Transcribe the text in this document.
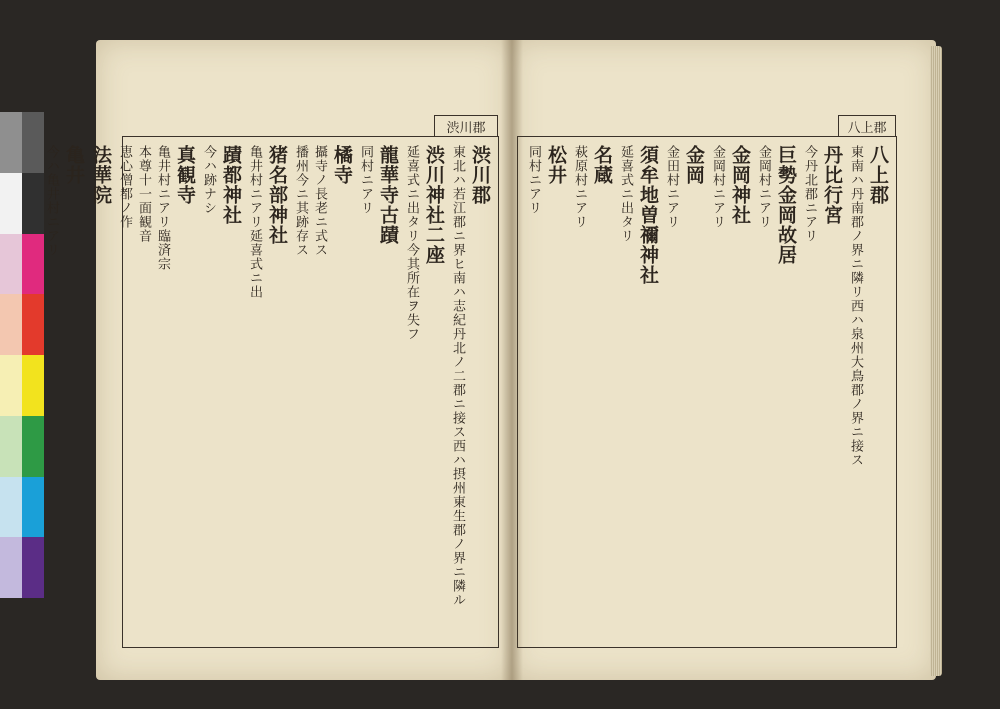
渋川郡
渋川郡
東北ハ若江郡ニ界ヒ南ハ志紀丹北ノ二郡ニ接ス西ハ摂州東生郡ノ界ニ隣ル
渋川神社二座
延喜式ニ出タリ今其所在ヲ失フ
龍華寺古蹟
同村ニアリ
橘寺
攝寺ノ長老ニ式ス
播州今ニ其跡存ス
猪名部神社
亀井村ニアリ延喜式ニ出
蹟都神社
今ハ跡ナシ
真観寺
亀井村ニアリ臨済宗
本尊十一面観音
恵心僧都ノ作
法華院
亀井
今ハ亀井村ニアリ
八上郡
八上郡
東南ハ丹南郡ノ界ニ隣リ西ハ泉州大鳥郡ノ界ニ接ス
丹比行宮
今丹北郡ニアリ
巨勢金岡故居
金岡村ニアリ
金岡神社
金岡村ニアリ
金岡
金田村ニアリ
須牟地曽禰神社
延喜式ニ出タリ
名蔵
萩原村ニアリ
松井
同村ニアリ
